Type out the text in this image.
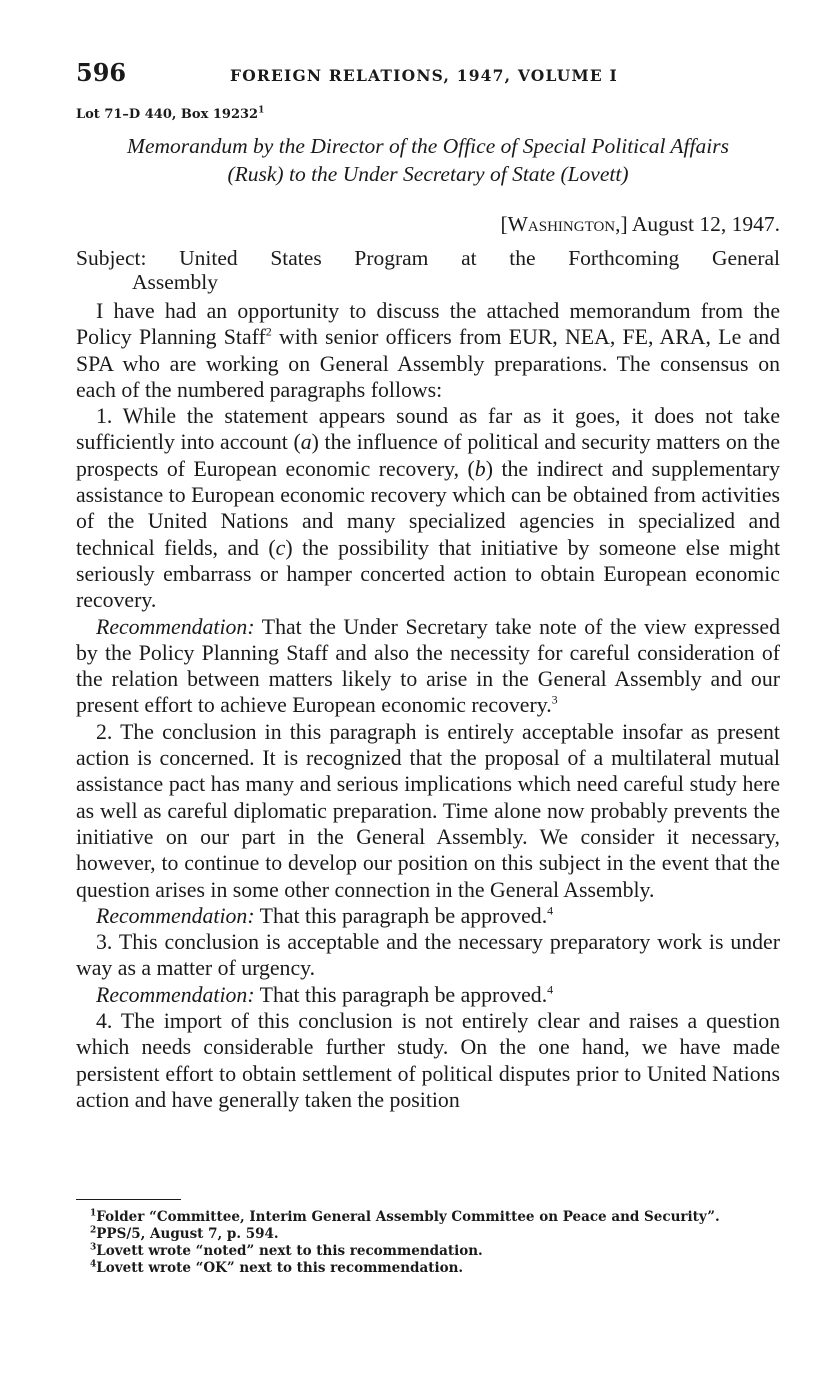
596	FOREIGN RELATIONS, 1947, VOLUME I
Lot 71–D 440, Box 19232$^1$
Memorandum by the Director of the Office of Special Political Affairs
(Rusk) to the Under Secretary of State (Lovett)
[Washington,] August 12, 1947.
Subject: United States Program at the Forthcoming General
Assembly

I have had an opportunity to discuss the attached memorandum from the Policy Planning Staff$^2$ with senior officers from EUR, NEA, FE, ARA, Le and SPA who are working on General Assembly preparations. The consensus on each of the numbered paragraphs follows:

1. While the statement appears sound as far as it goes, it does not take sufficiently into account (a) the influence of political and security matters on the prospects of European economic recovery, (b) the indirect and supplementary assistance to European economic recovery which can be obtained from activities of the United Nations and many specialized agencies in specialized and technical fields, and (c) the possibility that initiative by someone else might seriously embarrass or hamper concerted action to obtain European economic recovery.

Recommendation: That the Under Secretary take note of the view expressed by the Policy Planning Staff and also the necessity for careful consideration of the relation between matters likely to arise in the General Assembly and our present effort to achieve European economic recovery.$^3$

2. The conclusion in this paragraph is entirely acceptable insofar as present action is concerned. It is recognized that the proposal of a multilateral mutual assistance pact has many and serious implications which need careful study here as well as careful diplomatic preparation. Time alone now probably prevents the initiative on our part in the General Assembly. We consider it necessary, however, to continue to develop our position on this subject in the event that the question arises in some other connection in the General Assembly.

Recommendation: That this paragraph be approved.$^4$

3. This conclusion is acceptable and the necessary preparatory work is under way as a matter of urgency.

Recommendation: That this paragraph be approved.$^4$

4. The import of this conclusion is not entirely clear and raises a question which needs considerable further study. On the one hand, we have made persistent effort to obtain settlement of political disputes prior to United Nations action and have generally taken the position

$^1$Folder “Committee, Interim General Assembly Committee on Peace and Security”.

$^2$PPS/5, August 7, p. 594.

$^3$Lovett wrote “noted” next to this recommendation.

$^4$Lovett wrote “OK” next to this recommendation.
